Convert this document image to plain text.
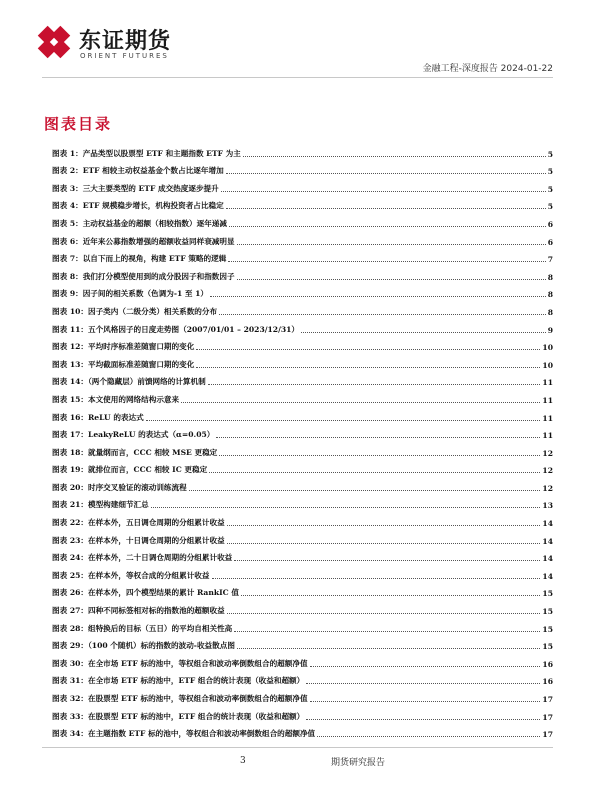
东证期货
ORIENT FUTURES
金融工程-深度报告 2024-01-22
图表目录
图表 1：产品类型以股票型 ETF 和主题指数 ETF 为主	5
图表 2：ETF 相较主动权益基金个数占比逐年增加	5
图表 3：三大主要类型的 ETF 成交热度逐步提升	5
图表 4：ETF 规模稳步增长，机构投资者占比稳定	5
图表 5：主动权益基金的超额（相较指数）逐年递减	6
图表 6：近年来公募指数增强的超额收益同样衰减明显	6
图表 7：以自下而上的视角，构建 ETF 策略的逻辑	7
图表 8：我们打分模型使用到的成分股因子和指数因子	8
图表 9：因子间的相关系数（色调为-1 至 1）	8
图表 10：因子类内（二级分类）相关系数的分布	8
图表 11：五个风格因子的日度走势图（2007/01/01 – 2023/12/31）	9
图表 12：平均时序标准差随窗口期的变化	10
图表 13：平均截面标准差随窗口期的变化	10
图表 14：（两个隐藏层）前馈网络的计算机制	11
图表 15：本文使用的网络结构示意来	11
图表 16：ReLU 的表达式	11
图表 17：LeakyReLU 的表达式（α=0.05）	11
图表 18：就量纲而言，CCC 相较 MSE 更稳定	12
图表 19：就排位而言，CCC 相较 IC 更稳定	12
图表 20：时序交叉验证的滚动训练流程	12
图表 21：模型构建细节汇总	13
图表 22：在样本外，五日调仓周期的分组累计收益	14
图表 23：在样本外，十日调仓周期的分组累计收益	14
图表 24：在样本外，二十日调仓周期的分组累计收益	14
图表 25：在样本外，等权合成的分组累计收益	14
图表 26：在样本外，四个模型结果的累计 RankIC 值	15
图表 27：四种不同标签相对标的指数池的超额收益	15
图表 28：组特换后的目标（五日）的平均自相关性高	15
图表 29：（100 个随机）标的指数的波动-收益散点图	15
图表 30：在全市场 ETF 标的池中，等权组合和波动率倒数组合的超额净值	16
图表 31：在全市场 ETF 标的池中，ETF 组合的统计表现（收益和超额）	16
图表 32：在股票型 ETF 标的池中，等权组合和波动率倒数组合的超额净值	17
图表 33：在股票型 ETF 标的池中，ETF 组合的统计表现（收益和超额）	17
图表 34：在主题指数 ETF 标的池中，等权组合和波动率倒数组合的超额净值	17
3	期货研究报告
